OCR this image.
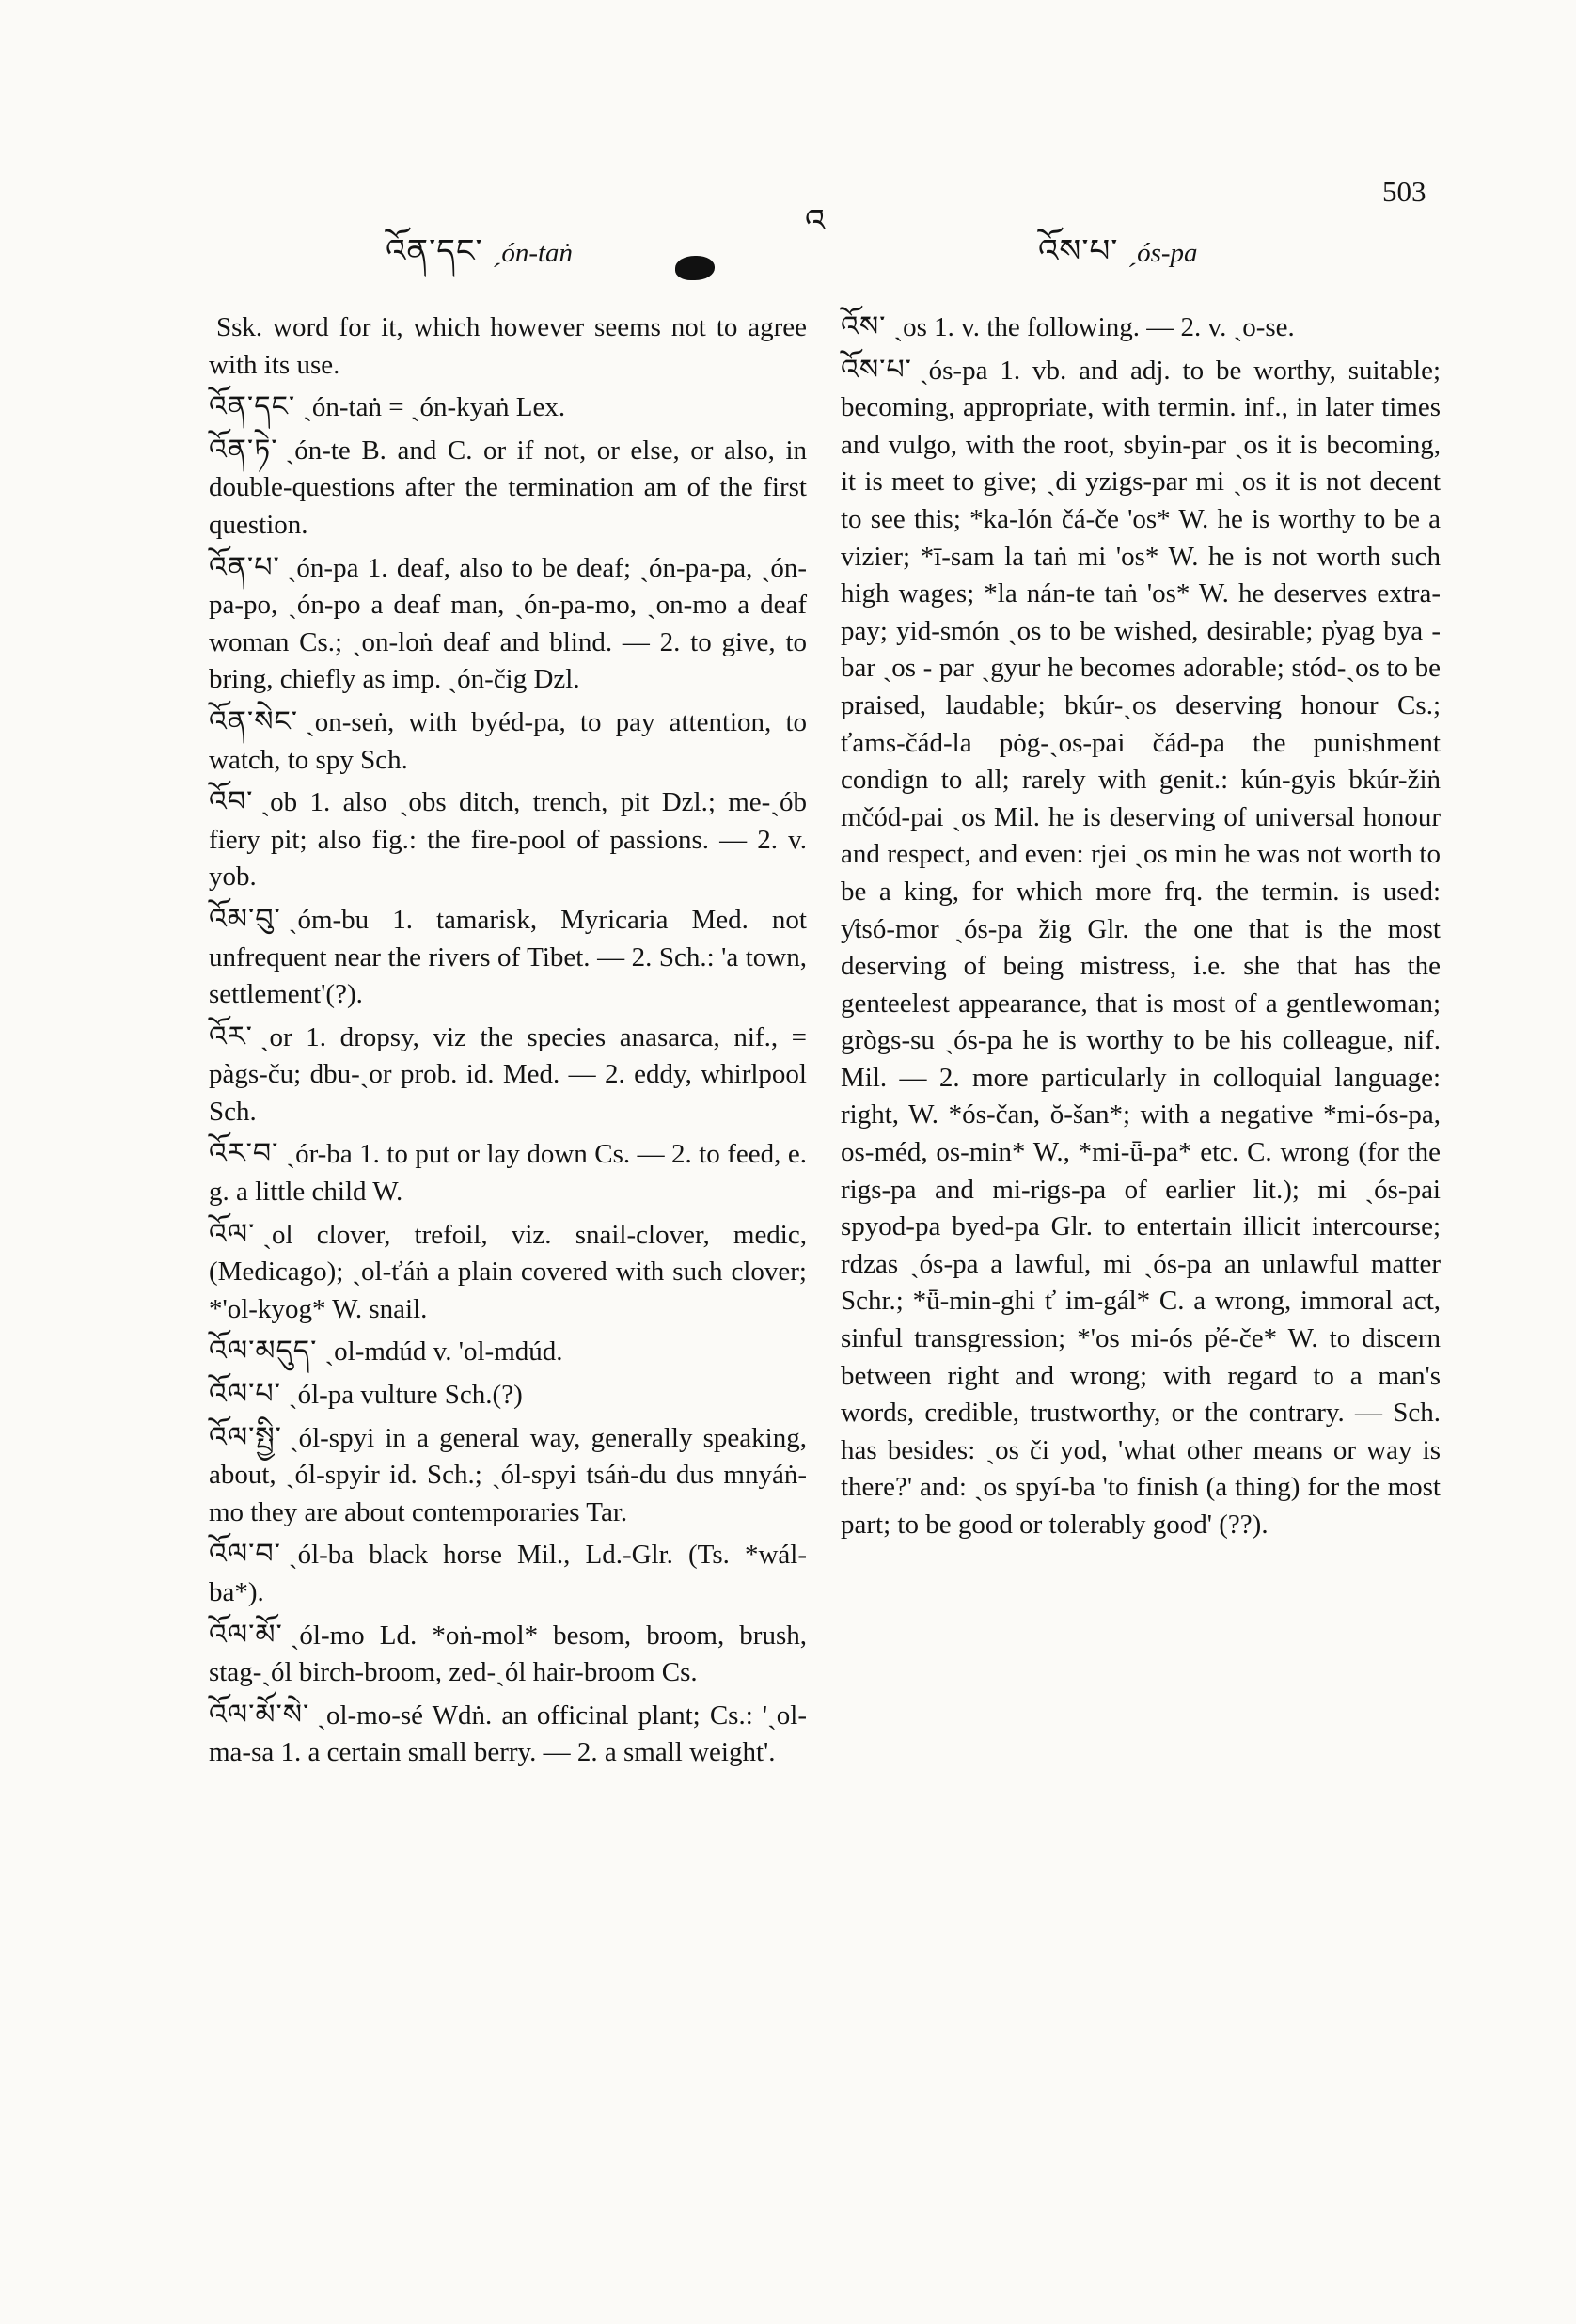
503
འོན་དང་ ˏón-taṅ
འ
འོས་པ་ ˏós-pa

Ssk. word for it, which however seems not to agree with its use.

འོན་དང་ ˏón-taṅ = ˏón-kyaṅ Lex.

འོན་ཏེ་ ˏón-te B. and C. or if not, or else, or also, in double-questions after the termination am of the first question.

འོན་པ་ ˏón-pa 1. deaf, also to be deaf; ˏón-pa-pa, ˏón-pa-po, ˏón-po a deaf man, ˏón-pa-mo, ˏon-mo a deaf woman Cs.; ˏon-loṅ deaf and blind. — 2. to give, to bring, chiefly as imp. ˏón-čig Dzl.

འོན་སེང་ ˏon-seṅ, with byéd-pa, to pay attention, to watch, to spy Sch.

འོབ་ ˏob 1. also ˏobs ditch, trench, pit Dzl.; me-ˏób fiery pit; also fig.: the fire-pool of passions. — 2. v. yob.

འོམ་བུ་ ˏóm-bu 1. tamarisk, Myricaria Med. not unfrequent near the rivers of Tibet. — 2. Sch.: 'a town, settlement'(?).

འོར་ ˏor 1. dropsy, viz the species anasarca, nif., = pàgs-ču; dbu-ˏor prob. id. Med. — 2. eddy, whirlpool Sch.

འོར་བ་ ˏór-ba 1. to put or lay down Cs. — 2. to feed, e. g. a little child W.

འོལ་ ˏol clover, trefoil, viz. snail-clover, medic, (Medicago); ˏol-ťáṅ a plain covered with such clover; *'ol-kyog* W. snail.

འོལ་མདུད་ ˏol-mdúd v. 'ol-mdúd.

འོལ་པ་ ˏól-pa vulture Sch.(?)

འོལ་སྤྱི་ ˏól-spyi in a general way, generally speaking, about, ˏól-spyir id. Sch.; ˏól-spyi tsáṅ-du dus mnyáṅ-mo they are about contemporaries Tar.

འོལ་བ་ ˏól-ba black horse Mil., Ld.-Glr. (Ts. *wál-ba*).

འོལ་མོ་ ˏól-mo Ld. *oṅ-mol* besom, broom, brush, stag-ˏól birch-broom, zed-ˏól hair-broom Cs.

འོལ་མོ་སེ་ ˏol-mo-sé Wdṅ. an officinal plant; Cs.: 'ˏol-ma-sa 1. a certain small berry. — 2. a small weight'.

འོས་ ˏos 1. v. the following. — 2. v. ˏo-se.

འོས་པ་ ˏós-pa 1. vb. and adj. to be worthy, suitable; becoming, appropriate, with termin. inf., in later times and vulgo, with the root, sbyin-par ˏos it is becoming, it is meet to give; ˏdi yzigs-par mi ˏos it is not decent to see this; *ka-lón čá-če 'os* W. he is worthy to be a vizier; *ī-sam la taṅ mi 'os* W. he is not worth such high wages; *la nán-te taṅ 'os* W. he deserves extra-pay; yid-smón ˏos to be wished, desirable; p̓yag bya - bar ˏos - par ˏgyur he becomes adorable; stód-ˏos to be praised, laudable; bkúr-ˏos deserving honour Cs.; ťams-čád-la pȯg-ˏos-pai čád-pa the punishment condign to all; rarely with genit.: kún-gyis bkúr-žiṅ mčód-pai ˏos Mil. he is deserving of universal honour and respect, and even: rjei ˏos min he was not worth to be a king, for which more frq. the termin. is used: ƴtsó-mor ˏós-pa žig Glr. the one that is the most deserving of being mistress, i.e. she that has the genteelest appearance, that is most of a gentlewoman; grògs-su ˏós-pa he is worthy to be his colleague, nif. Mil. — 2. more particularly in colloquial language: right, W. *ós-čan, ŏ-šan*; with a negative *mi-ós-pa, os-méd, os-min* W., *mi-ǖ-pa* etc. C. wrong (for the rigs-pa and mi-rigs-pa of earlier lit.); mi ˏós-pai spyod-pa byed-pa Glr. to entertain illicit intercourse; rdzas ˏós-pa a lawful, mi ˏós-pa an unlawful matter Schr.; *ǖ-min-ghi ť im-gál* C. a wrong, immoral act, sinful transgression; *'os mi-ós p̓é-če* W. to discern between right and wrong; with regard to a man's words, credible, trustworthy, or the contrary. — Sch. has besides: ˏos či yod, 'what other means or way is there?' and: ˏos spyí-ba 'to finish (a thing) for the most part; to be good or tolerably good' (??).
